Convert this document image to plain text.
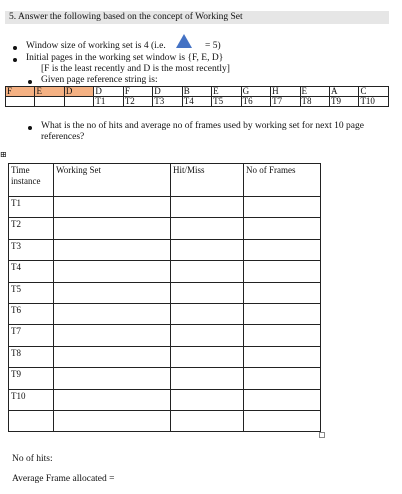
5. Answer the following based on the concept of Working Set
Window size of working set is 4 (i.e.	= 5)
Initial pages in the working set window is {F, E, D}
[F is the least recently and D is the most recently]
Given page reference string is:
F	E	D	D	F	D	B	E	G	H	E	A	C
			T1	T2	T3	T4	T5	T6	T7	T8	T9	T10
What is the no of hits and average no of frames used by working set for next 10 page
references?
⊞
Time instance	Working Set	Hit/Miss	No of Frames
T1			
T2			
T3			
T4			
T5			
T6			
T7			
T8			
T9			
T10			

No of hits:
Average Frame allocated =
